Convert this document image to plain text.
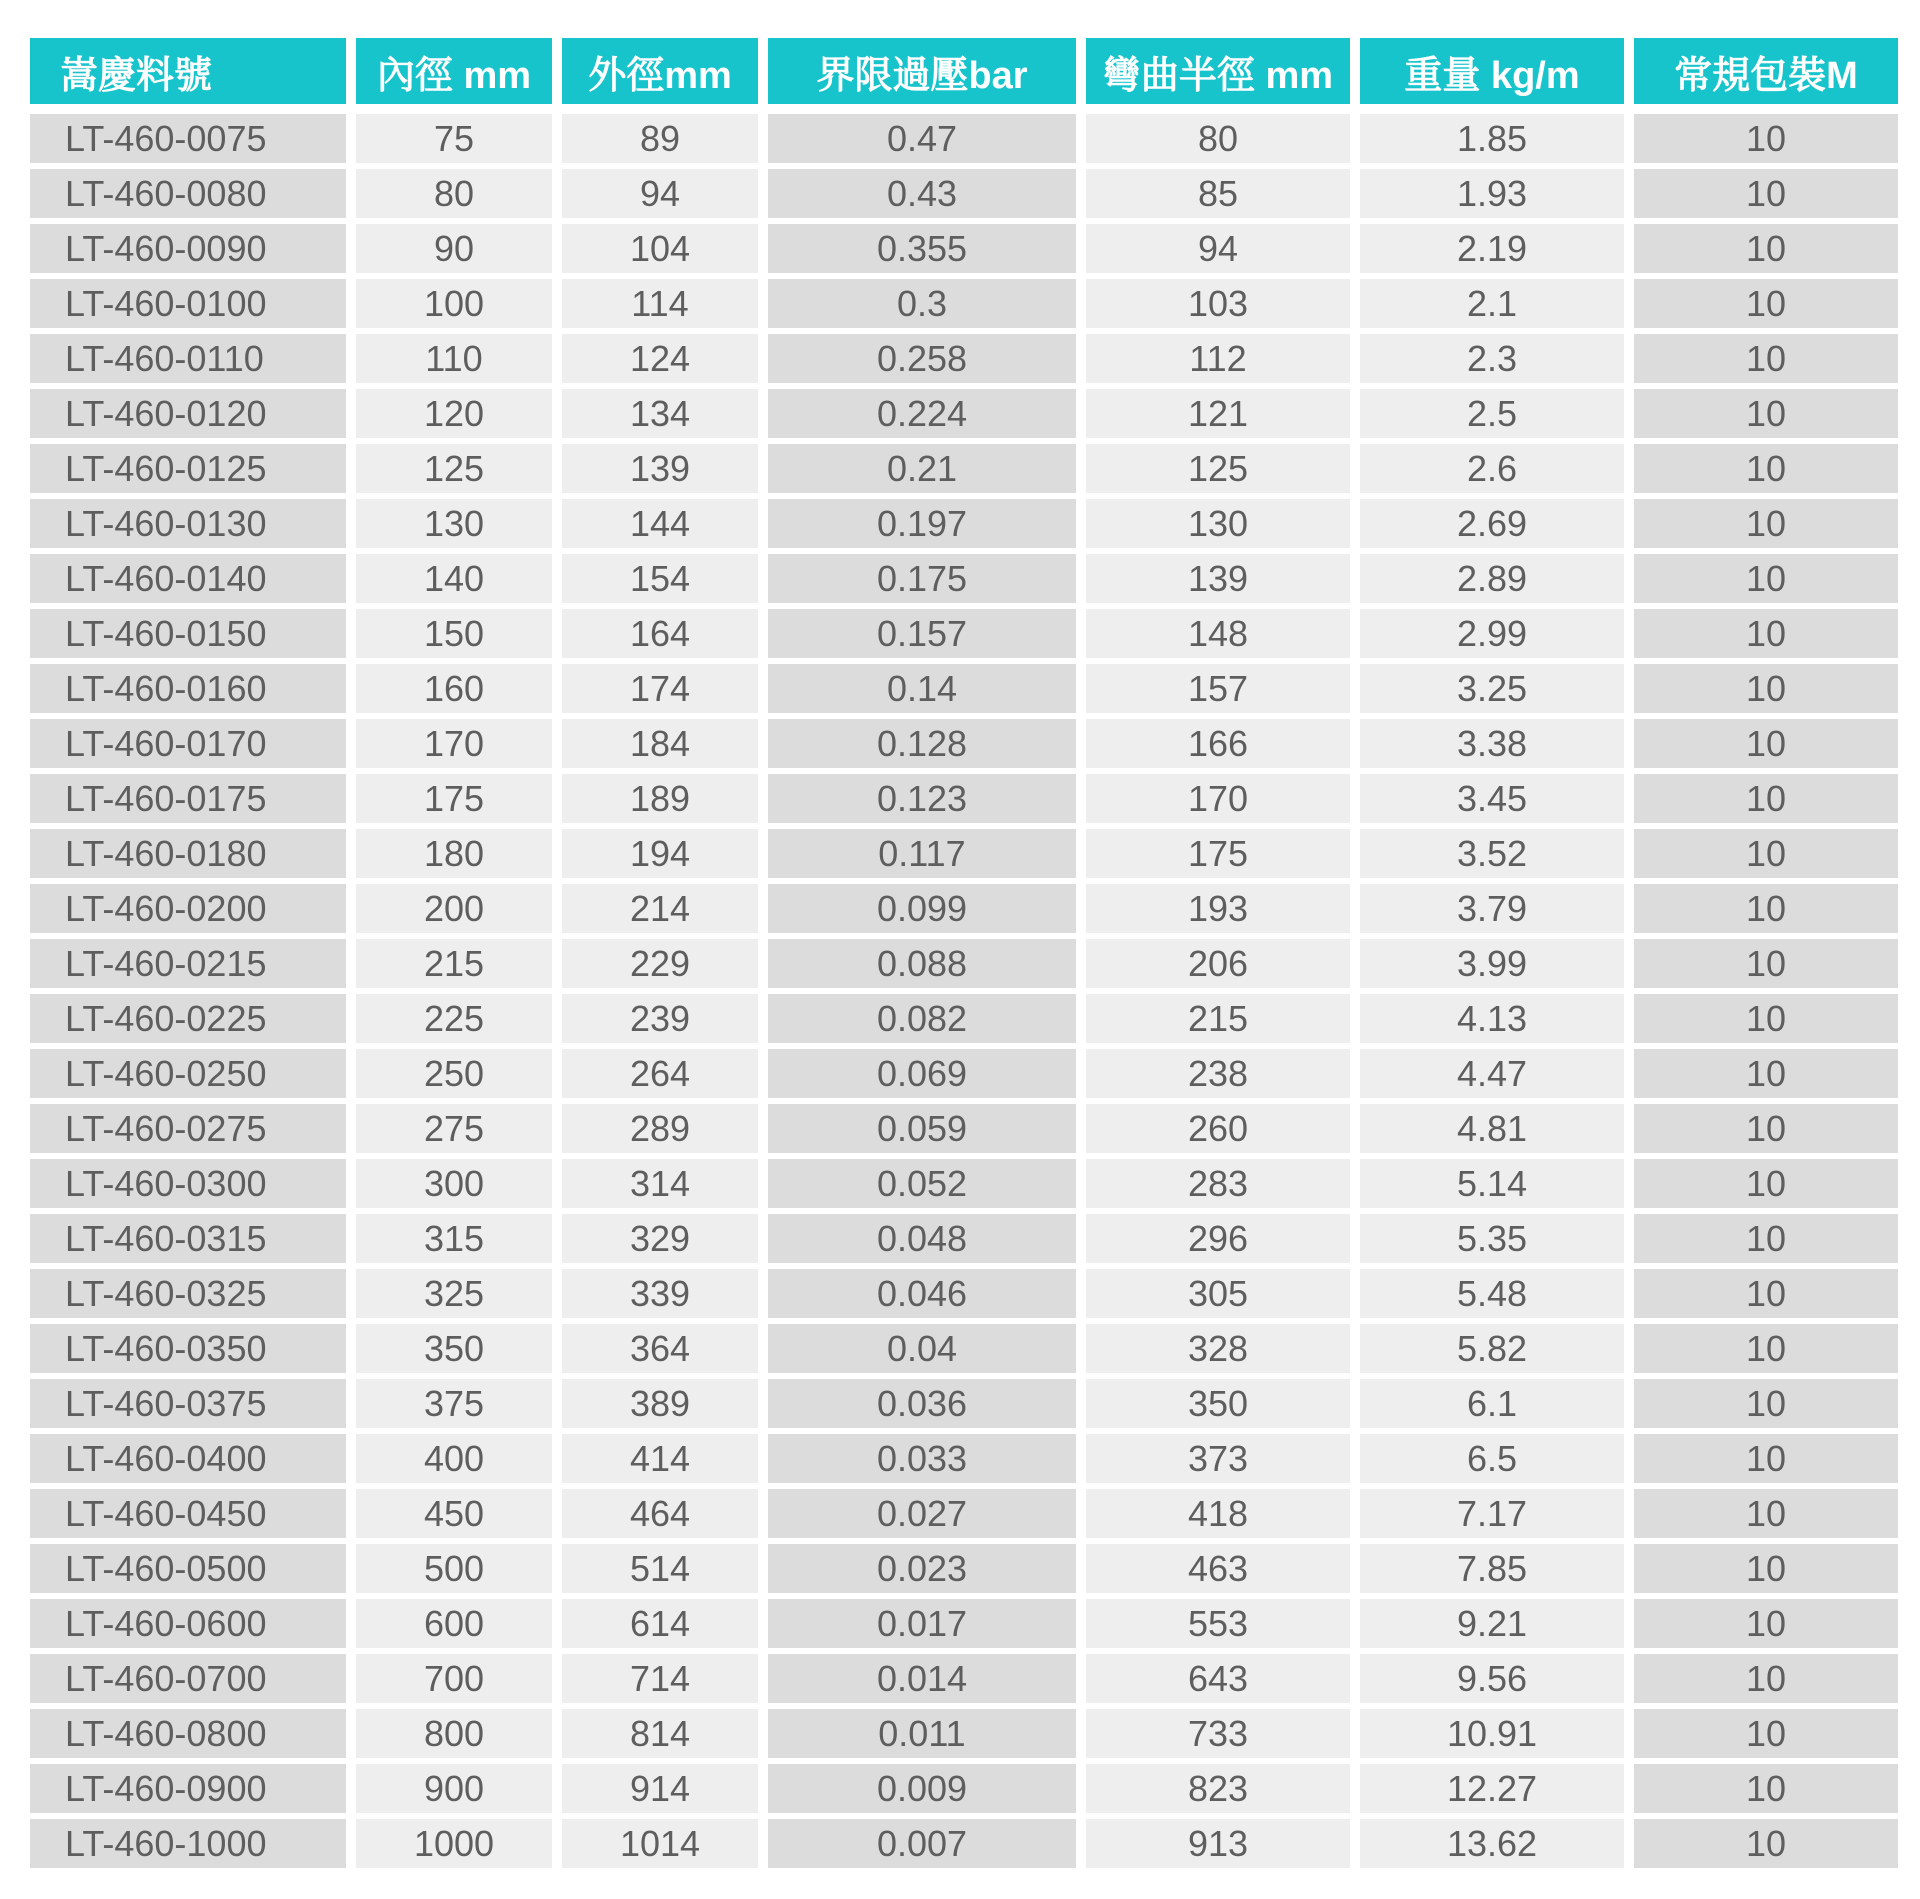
嵩慶料號	內徑 mm	外徑mm	界限過壓bar	彎曲半徑 mm	重量 kg/m	常規包裝M
LT-460-0075	75	89	0.47	80	1.85	10
LT-460-0080	80	94	0.43	85	1.93	10
LT-460-0090	90	104	0.355	94	2.19	10
LT-460-0100	100	114	0.3	103	2.1	10
LT-460-0110	110	124	0.258	112	2.3	10
LT-460-0120	120	134	0.224	121	2.5	10
LT-460-0125	125	139	0.21	125	2.6	10
LT-460-0130	130	144	0.197	130	2.69	10
LT-460-0140	140	154	0.175	139	2.89	10
LT-460-0150	150	164	0.157	148	2.99	10
LT-460-0160	160	174	0.14	157	3.25	10
LT-460-0170	170	184	0.128	166	3.38	10
LT-460-0175	175	189	0.123	170	3.45	10
LT-460-0180	180	194	0.117	175	3.52	10
LT-460-0200	200	214	0.099	193	3.79	10
LT-460-0215	215	229	0.088	206	3.99	10
LT-460-0225	225	239	0.082	215	4.13	10
LT-460-0250	250	264	0.069	238	4.47	10
LT-460-0275	275	289	0.059	260	4.81	10
LT-460-0300	300	314	0.052	283	5.14	10
LT-460-0315	315	329	0.048	296	5.35	10
LT-460-0325	325	339	0.046	305	5.48	10
LT-460-0350	350	364	0.04	328	5.82	10
LT-460-0375	375	389	0.036	350	6.1	10
LT-460-0400	400	414	0.033	373	6.5	10
LT-460-0450	450	464	0.027	418	7.17	10
LT-460-0500	500	514	0.023	463	7.85	10
LT-460-0600	600	614	0.017	553	9.21	10
LT-460-0700	700	714	0.014	643	9.56	10
LT-460-0800	800	814	0.011	733	10.91	10
LT-460-0900	900	914	0.009	823	12.27	10
LT-460-1000	1000	1014	0.007	913	13.62	10
